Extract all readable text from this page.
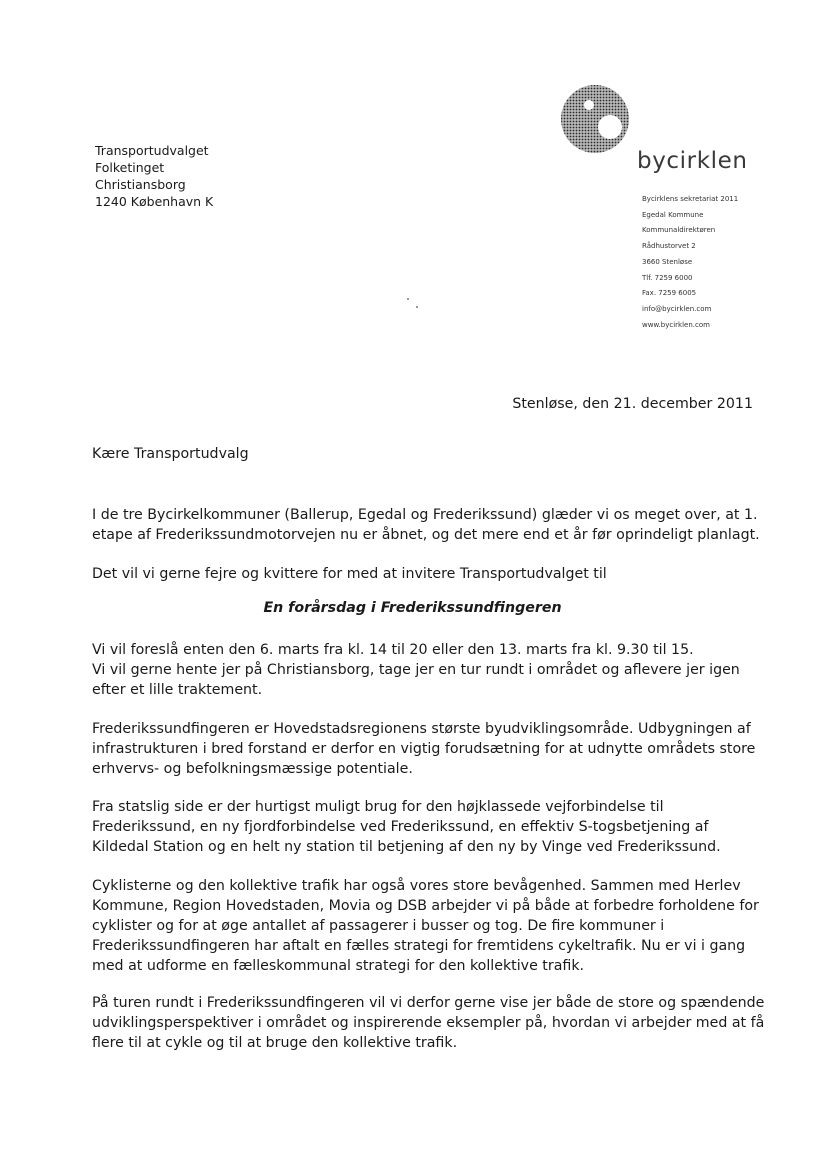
Transportudvalget
Folketinget
Christiansborg
1240 København K
bycirklen
Bycirklens sekretariat 2011
Egedal Kommune
Kommunaldirektøren
Rådhustorvet 2
3660 Stenløse
Tlf. 7259 6000
Fax. 7259 6005
info@bycirklen.com
www.bycirklen.com
Stenløse, den 21. december 2011
Kære Transportudvalg
I de tre Bycirkelkommuner (Ballerup, Egedal og Frederikssund) glæder vi os meget over, at 1.
etape af Frederikssundmotorvejen nu er åbnet, og det mere end et år før oprindeligt planlagt.
Det vil vi gerne fejre og kvittere for med at invitere Transportudvalget til
En forårsdag i Frederikssundfingeren
Vi vil foreslå enten den 6. marts fra kl. 14 til 20 eller den 13. marts fra kl. 9.30 til 15.
Vi vil gerne hente jer på Christiansborg, tage jer en tur rundt i området og aflevere jer igen
efter et lille traktement.
Frederikssundfingeren er Hovedstadsregionens største byudviklingsområde. Udbygningen af
infrastrukturen i bred forstand er derfor en vigtig forudsætning for at udnytte områdets store
erhvervs- og befolkningsmæssige potentiale.
Fra statslig side er der hurtigst muligt brug for den højklassede vejforbindelse til
Frederikssund, en ny fjordforbindelse ved Frederikssund, en effektiv S-togsbetjening af
Kildedal Station og en helt ny station til betjening af den ny by Vinge ved Frederikssund.
Cyklisterne og den kollektive trafik har også vores store bevågenhed. Sammen med Herlev
Kommune, Region Hovedstaden, Movia og DSB arbejder vi på både at forbedre forholdene for
cyklister og for at øge antallet af passagerer i busser og tog. De fire kommuner i
Frederikssundfingeren har aftalt en fælles strategi for fremtidens cykeltrafik. Nu er vi i gang
med at udforme en fælleskommunal strategi for den kollektive trafik.
På turen rundt i Frederikssundfingeren vil vi derfor gerne vise jer både de store og spændende
udviklingsperspektiver i området og inspirerende eksempler på, hvordan vi arbejder med at få
flere til at cykle og til at bruge den kollektive trafik.
